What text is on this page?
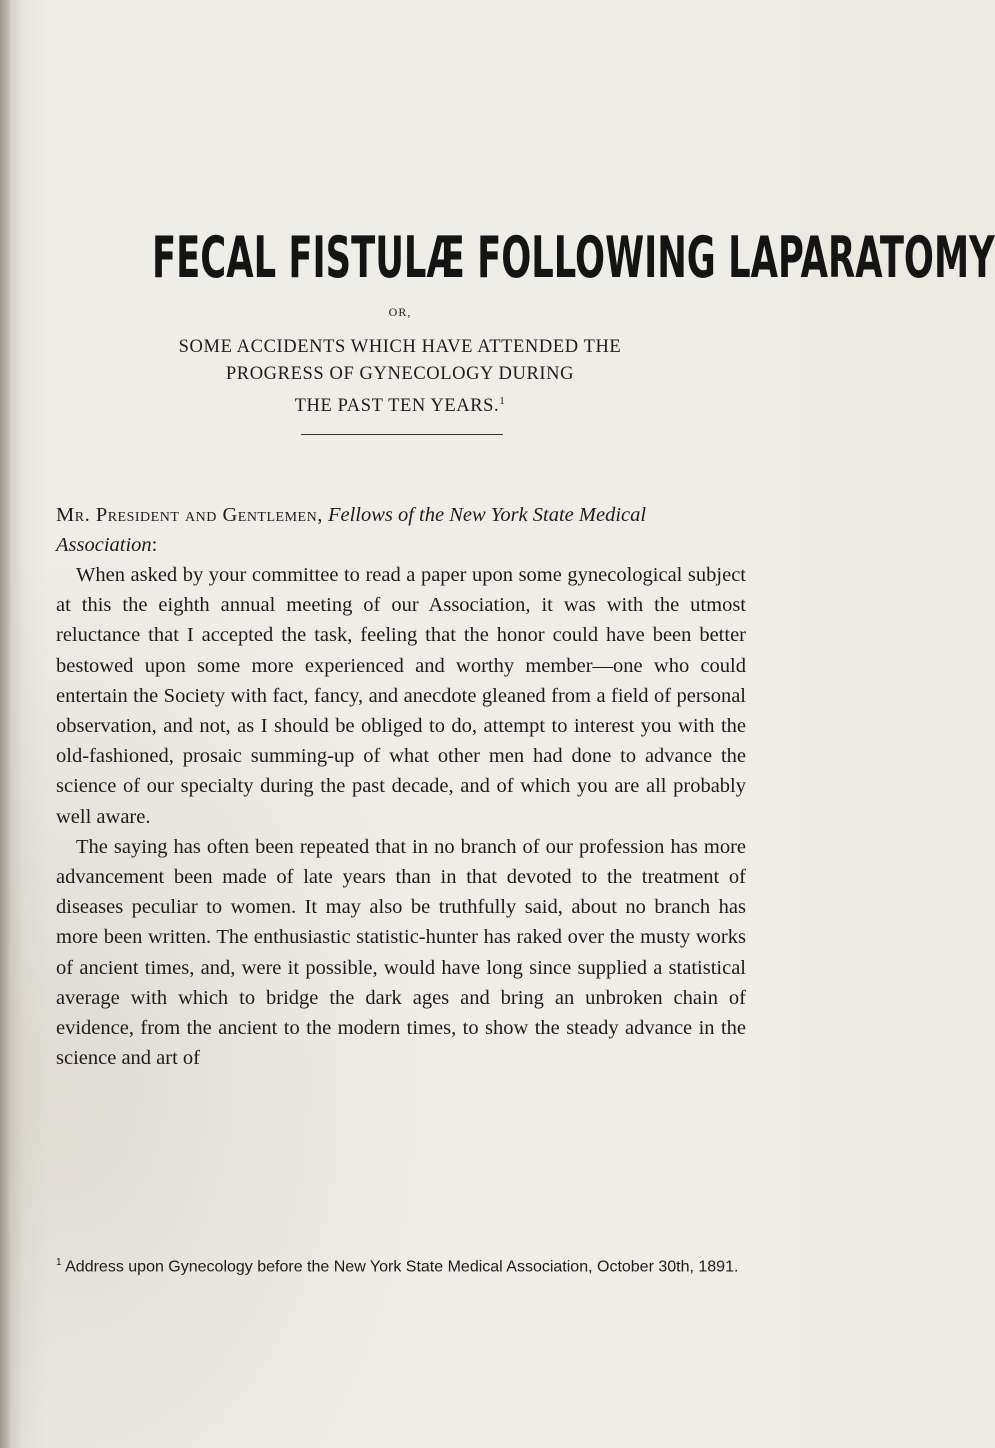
FECAL FISTULÆ FOLLOWING LAPARATOMY
OR,
SOME ACCIDENTS WHICH HAVE ATTENDED THE
PROGRESS OF GYNECOLOGY DURING
THE PAST TEN YEARS.$^1$
Mr. President and Gentlemen, Fellows of the New York State Medical Association:

When asked by your committee to read a paper upon some gynecological subject at this the eighth annual meeting of our Association, it was with the utmost reluctance that I accepted the task, feeling that the honor could have been better bestowed upon some more experienced and worthy member—one who could entertain the Society with fact, fancy, and anecdote gleaned from a field of personal observation, and not, as I should be obliged to do, attempt to interest you with the old-fashioned, prosaic summing-up of what other men had done to advance the science of our specialty during the past decade, and of which you are all probably well aware.

The saying has often been repeated that in no branch of our profession has more advancement been made of late years than in that devoted to the treatment of diseases peculiar to women. It may also be truthfully said, about no branch has more been written. The enthusiastic statistic-hunter has raked over the musty works of ancient times, and, were it possible, would have long since supplied a statistical average with which to bridge the dark ages and bring an unbroken chain of evidence, from the ancient to the modern times, to show the steady advance in the science and art of

$^1$ Address upon Gynecology before the New York State Medical Association, October 30th, 1891.
